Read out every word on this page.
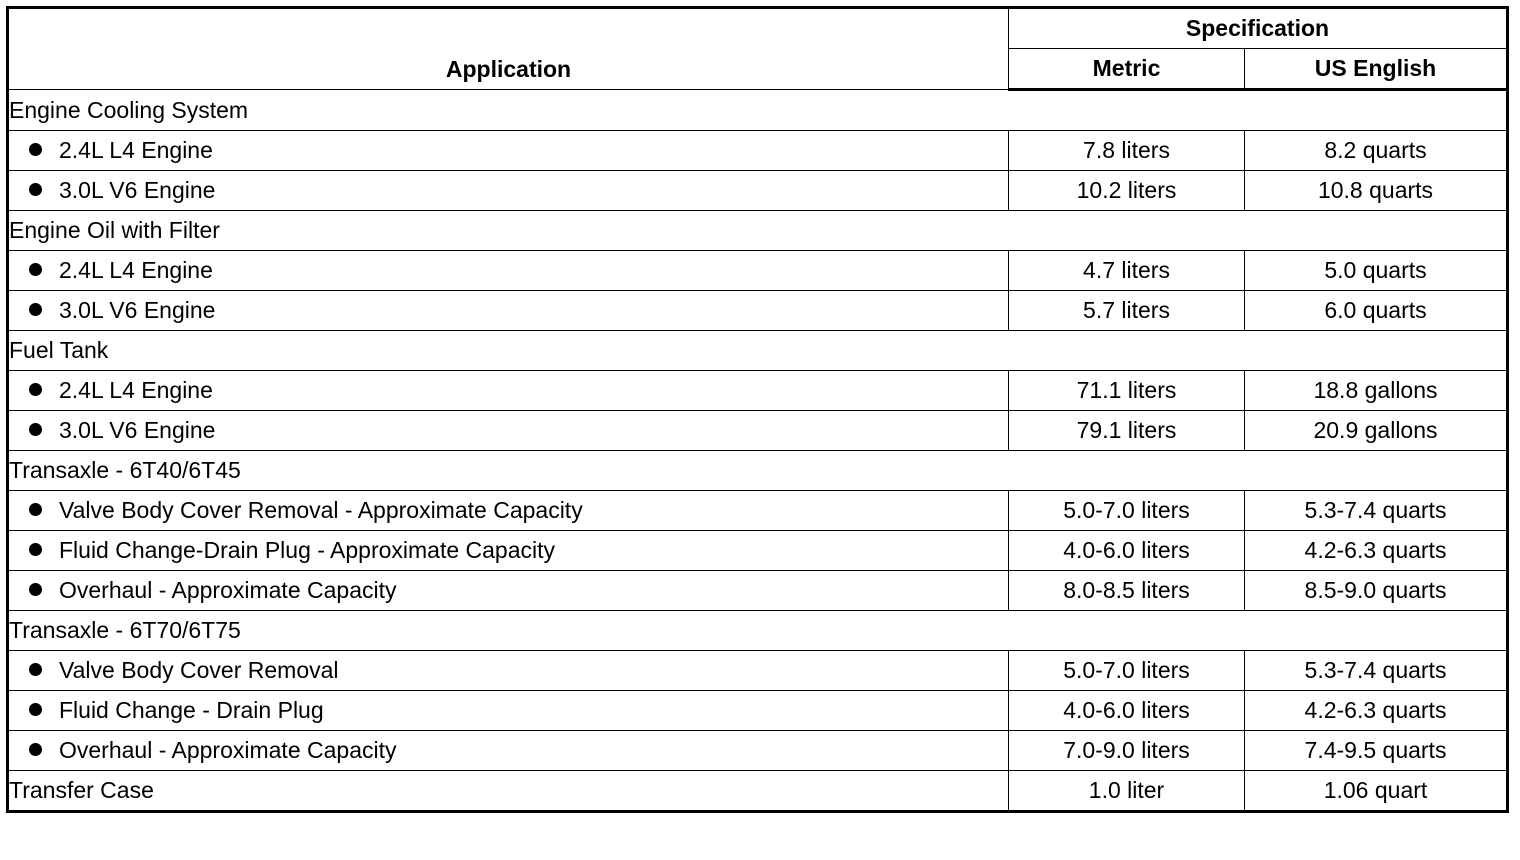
Application	Specification	
	Metric	US English
Engine Cooling System		
2.4L L4 Engine	7.8 liters	8.2 quarts
3.0L V6 Engine	10.2 liters	10.8 quarts
Engine Oil with Filter		
2.4L L4 Engine	4.7 liters	5.0 quarts
3.0L V6 Engine	5.7 liters	6.0 quarts
Fuel Tank		
2.4L L4 Engine	71.1 liters	18.8 gallons
3.0L V6 Engine	79.1 liters	20.9 gallons
Transaxle - 6T40/6T45		
Valve Body Cover Removal - Approximate Capacity	5.0-7.0 liters	5.3-7.4 quarts
Fluid Change-Drain Plug - Approximate Capacity	4.0-6.0 liters	4.2-6.3 quarts
Overhaul - Approximate Capacity	8.0-8.5 liters	8.5-9.0 quarts
Transaxle - 6T70/6T75		
Valve Body Cover Removal	5.0-7.0 liters	5.3-7.4 quarts
Fluid Change - Drain Plug	4.0-6.0 liters	4.2-6.3 quarts
Overhaul - Approximate Capacity	7.0-9.0 liters	7.4-9.5 quarts
Transfer Case	1.0 liter	1.06 quart
